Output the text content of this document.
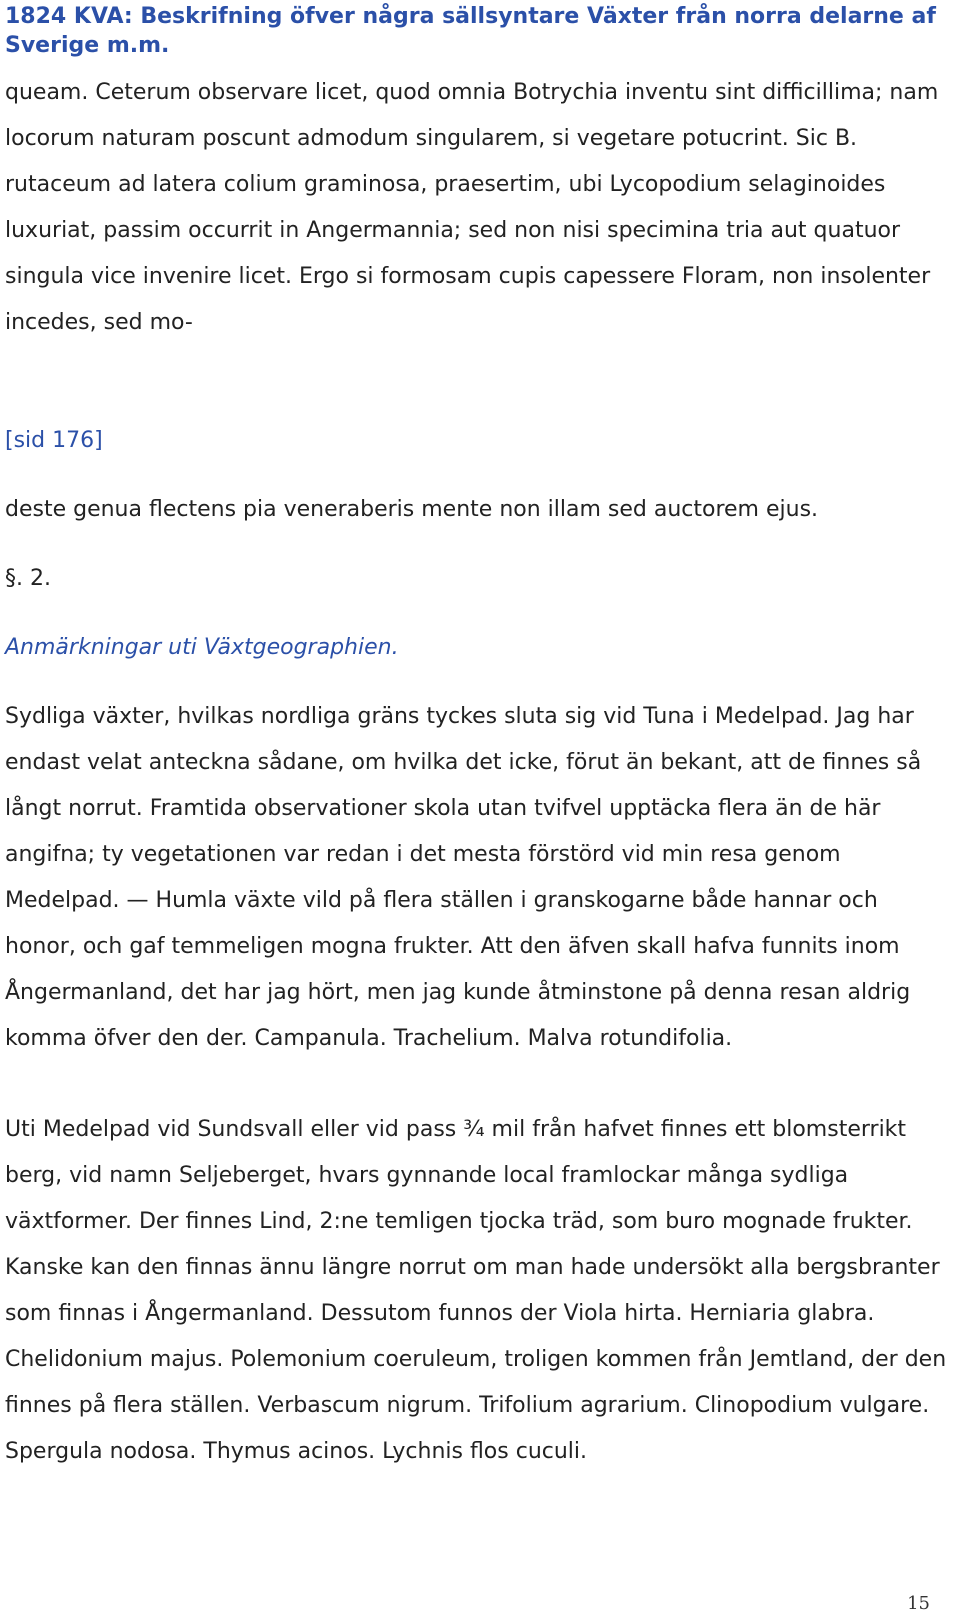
1824 KVA: Beskrifning öfver några sällsyntare Växter från norra delarne af Sverige m.m.

queam. Ceterum observare licet, quod omnia Botrychia inventu sint difficillima; nam locorum naturam poscunt admodum singularem, si vegetare potucrint. Sic B. rutaceum ad latera colium graminosa, praesertim, ubi Lycopodium selaginoides luxuriat, passim occurrit in Angermannia; sed non nisi specimina tria aut quatuor singula vice invenire licet. Ergo si formosam cupis capessere Floram, non insolenter incedes, sed mo-

[sid 176]

deste genua flectens pia veneraberis mente non illam sed auctorem ejus.

§. 2.

Anmärkningar uti Växtgeographien.

Sydliga växter, hvilkas nordliga gräns tyckes sluta sig vid Tuna i Medelpad. Jag har endast velat anteckna sådane, om hvilka det icke, förut än bekant, att de finnes så långt norrut. Framtida observationer skola utan tvifvel upptäcka flera än de här angifna; ty vegetationen var redan i det mesta förstörd vid min resa genom Medelpad. — Humla växte vild på flera ställen i granskogarne både hannar och honor, och gaf temmeligen mogna frukter. Att den äfven skall hafva funnits inom Ångermanland, det har jag hört, men jag kunde åtminstone på denna resan aldrig komma öfver den der. Campanula. Trachelium. Malva rotundifolia.

Uti Medelpad vid Sundsvall eller vid pass ¾ mil från hafvet finnes ett blomsterrikt berg, vid namn Seljeberget, hvars gynnande local framlockar många sydliga växtformer. Der finnes Lind, 2:ne temligen tjocka träd, som buro mognade frukter. Kanske kan den finnas ännu längre norrut om man hade undersökt alla bergsbranter som finnas i Ångermanland. Dessutom funnos der Viola hirta. Herniaria glabra. Chelidonium majus. Polemonium coeruleum, troligen kommen från Jemtland, der den finnes på flera ställen. Verbascum nigrum. Trifolium agrarium. Clinopodium vulgare. Spergula nodosa. Thymus acinos. Lychnis flos cuculi.

15
